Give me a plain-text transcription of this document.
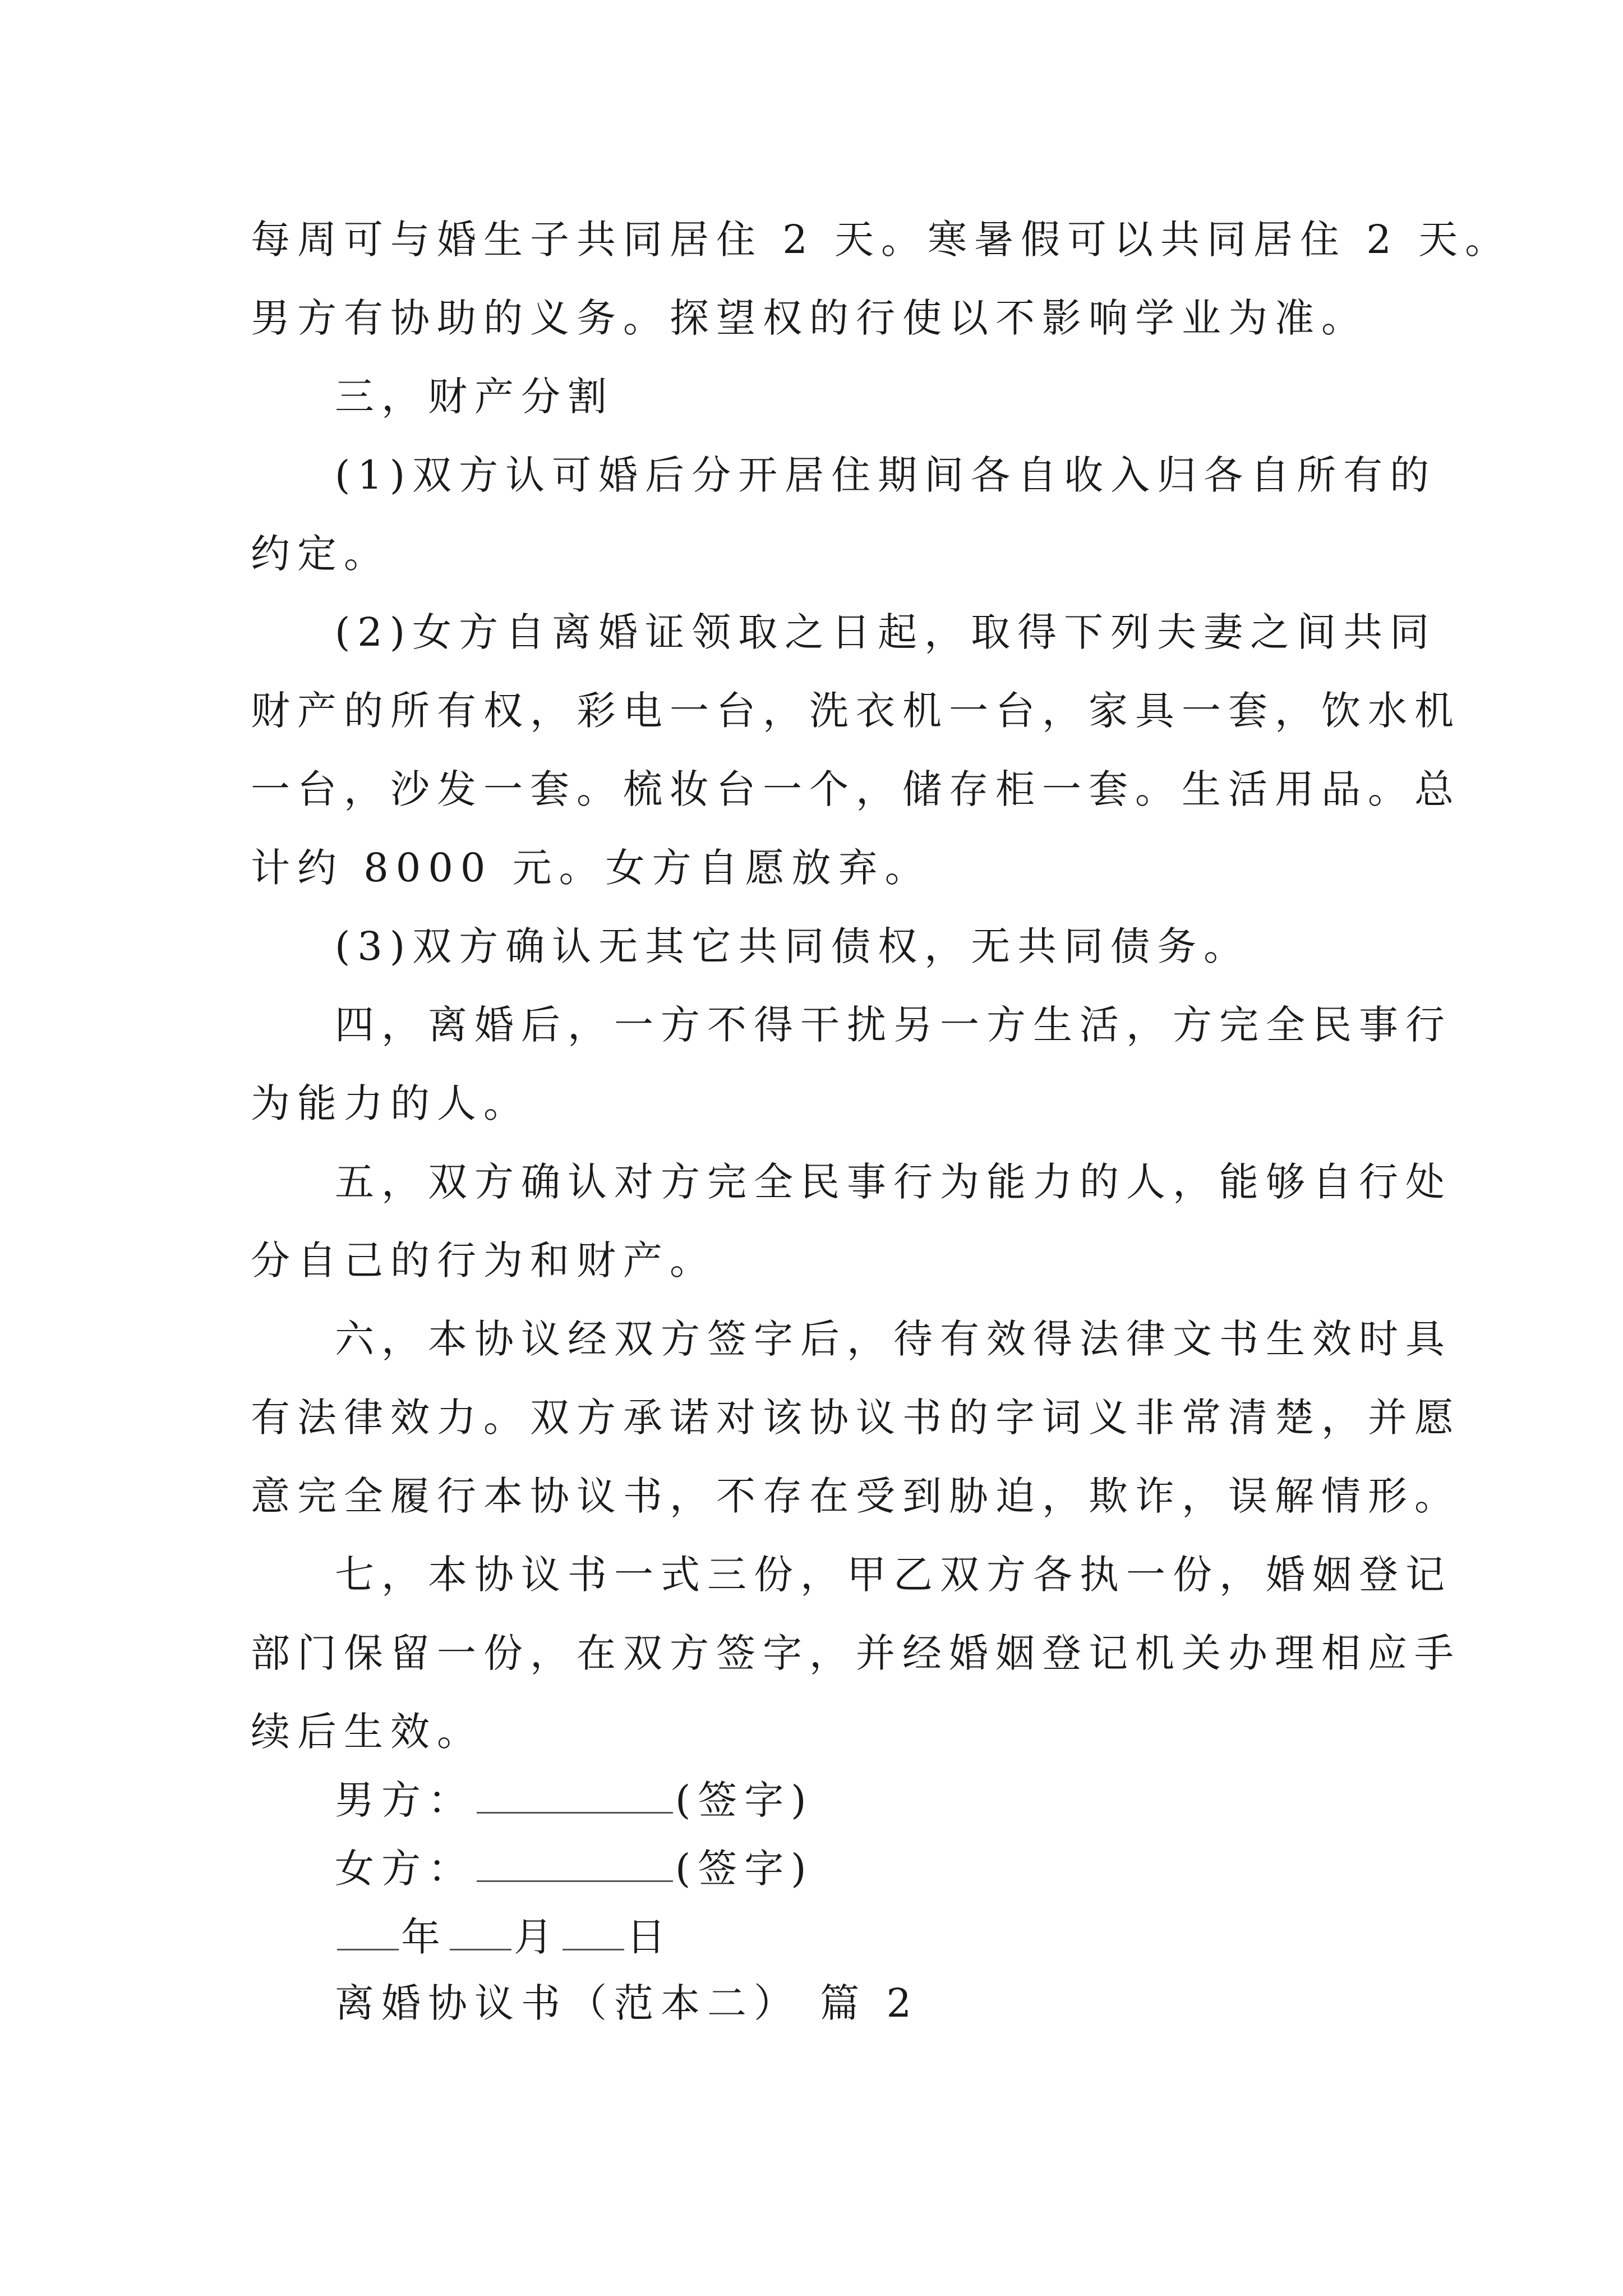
每周可与婚生子共同居住 2 天。寒暑假可以共同居住 2 天。
男方有协助的义务。探望权的行使以不影响学业为准。
三，财产分割
(1)双方认可婚后分开居住期间各自收入归各自所有的
约定。
(2)女方自离婚证领取之日起，取得下列夫妻之间共同
财产的所有权，彩电一台，洗衣机一台，家具一套，饮水机
一台，沙发一套。梳妆台一个，储存柜一套。生活用品。总
计约 8000 元。女方自愿放弃。
(3)双方确认无其它共同债权，无共同债务。
四，离婚后，一方不得干扰另一方生活，方完全民事行
为能力的人。
五，双方确认对方完全民事行为能力的人，能够自行处
分自己的行为和财产。
六，本协议经双方签字后，待有效得法律文书生效时具
有法律效力。双方承诺对该协议书的字词义非常清楚，并愿
意完全履行本协议书，不存在受到胁迫，欺诈，误解情形。
七，本协议书一式三份，甲乙双方各执一份，婚姻登记
部门保留一份，在双方签字，并经婚姻登记机关办理相应手
续后生效。
男方：	(签字)
女方：	(签字)
年 月 日
离婚协议书（范本二） 篇 2
